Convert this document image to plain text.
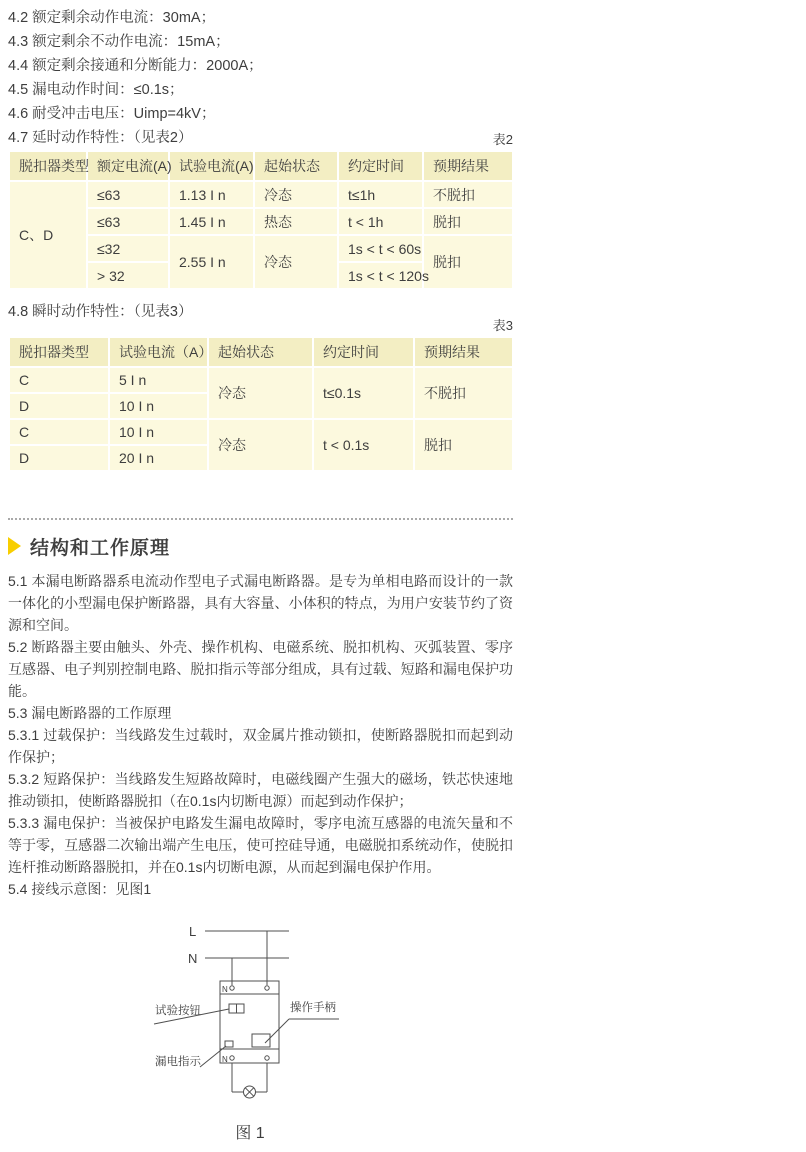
4.2 额定剩余动作电流：30mA；
4.3 额定剩余不动作电流：15mA；
4.4 额定剩余接通和分断能力：2000A；
4.5 漏电动作时间：≤0.1s；
4.6 耐受冲击电压：Uimp=4kV；
4.7 延时动作特性：（见表2）	表2
脱扣器类型	额定电流(A)	试验电流(A)	起始状态	约定时间	预期结果
C、D	≤63	1.13 I n	冷态	t≤1h	不脱扣
	≤63	1.45 I n	热态	t < 1h	脱扣
	≤32	2.55 I n	冷态	1s < t < 60s	脱扣
	> 32			1s < t < 120s	
4.8 瞬时动作特性：（见表3）
表3
脱扣器类型	试验电流（A）	起始状态	约定时间	预期结果
C	5 I n	冷态	t≤0.1s	不脱扣
D	10 I n			
C	10 I n	冷态	t < 0.1s	脱扣
D	20 I n			
结构和工作原理
5.1 本漏电断路器系电流动作型电子式漏电断路器。是专为单相电路而设计的一款一体化的小型漏电保护断路器，具有大容量、小体积的特点，为用户安装节约了资源和空间。
5.2 断路器主要由触头、外壳、操作机构、电磁系统、脱扣机构、灭弧装置、零序互感器、电子判别控制电路、脱扣指示等部分组成，具有过载、短路和漏电保护功能。
5.3 漏电断路器的工作原理
5.3.1 过载保护：当线路发生过载时，双金属片推动锁扣，使断路器脱扣而起到动作保护；
5.3.2 短路保护：当线路发生短路故障时，电磁线圈产生强大的磁场，铁芯快速地推动锁扣，使断路器脱扣（在0.1s内切断电源）而起到动作保护；
5.3.3 漏电保护：当被保护电路发生漏电故障时，零序电流互感器的电流矢量和不等于零，互感器二次输出端产生电压，使可控硅导通，电磁脱扣系统动作，使脱扣连杆推动断路器脱扣，并在0.1s内切断电源，从而起到漏电保护作用。
5.4 接线示意图：见图1
L
N
N
N
试验按钮	操作手柄
漏电指示
图 1
